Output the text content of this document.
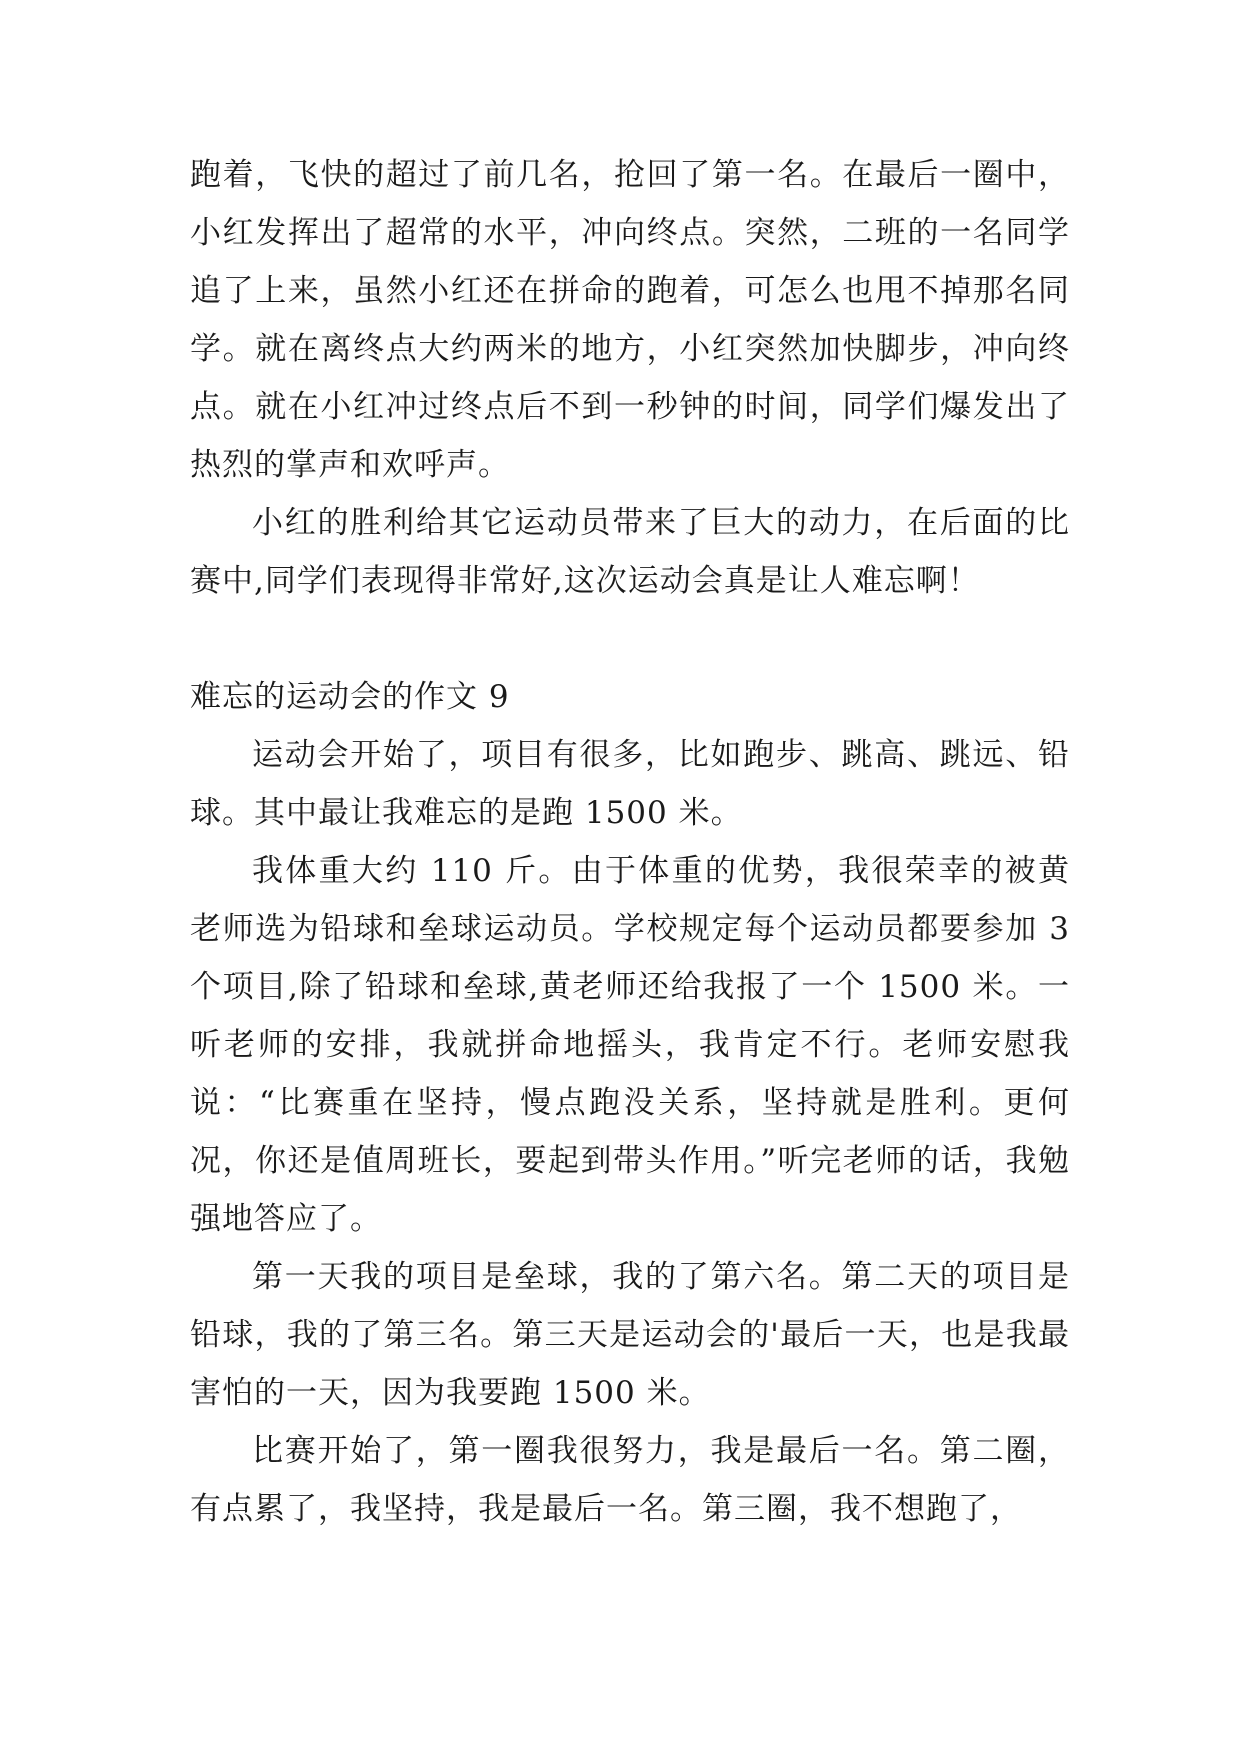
跑着，飞快的超过了前几名，抢回了第一名。在最后一圈中，小红发挥出了超常的水平，冲向终点。突然，二班的一名同学追了上来，虽然小红还在拼命的跑着，可怎么也甩不掉那名同学。就在离终点大约两米的地方，小红突然加快脚步，冲向终点。就在小红冲过终点后不到一秒钟的时间，同学们爆发出了热烈的掌声和欢呼声。

小红的胜利给其它运动员带来了巨大的动力，在后面的比赛中,同学们表现得非常好,这次运动会真是让人难忘啊！

难忘的运动会的作文 9

运动会开始了，项目有很多，比如跑步、跳高、跳远、铅球。其中最让我难忘的是跑 1500 米。

我体重大约 110 斤。由于体重的优势，我很荣幸的被黄老师选为铅球和垒球运动员。学校规定每个运动员都要参加 3 个项目,除了铅球和垒球,黄老师还给我报了一个 1500 米。一听老师的安排，我就拼命地摇头，我肯定不行。老师安慰我说：“比赛重在坚持，慢点跑没关系，坚持就是胜利。更何况，你还是值周班长，要起到带头作用。”听完老师的话，我勉强地答应了。

第一天我的项目是垒球，我的了第六名。第二天的项目是铅球，我的了第三名。第三天是运动会的'最后一天，也是我最害怕的一天，因为我要跑 1500 米。

比赛开始了，第一圈我很努力，我是最后一名。第二圈，有点累了，我坚持，我是最后一名。第三圈，我不想跑了，
